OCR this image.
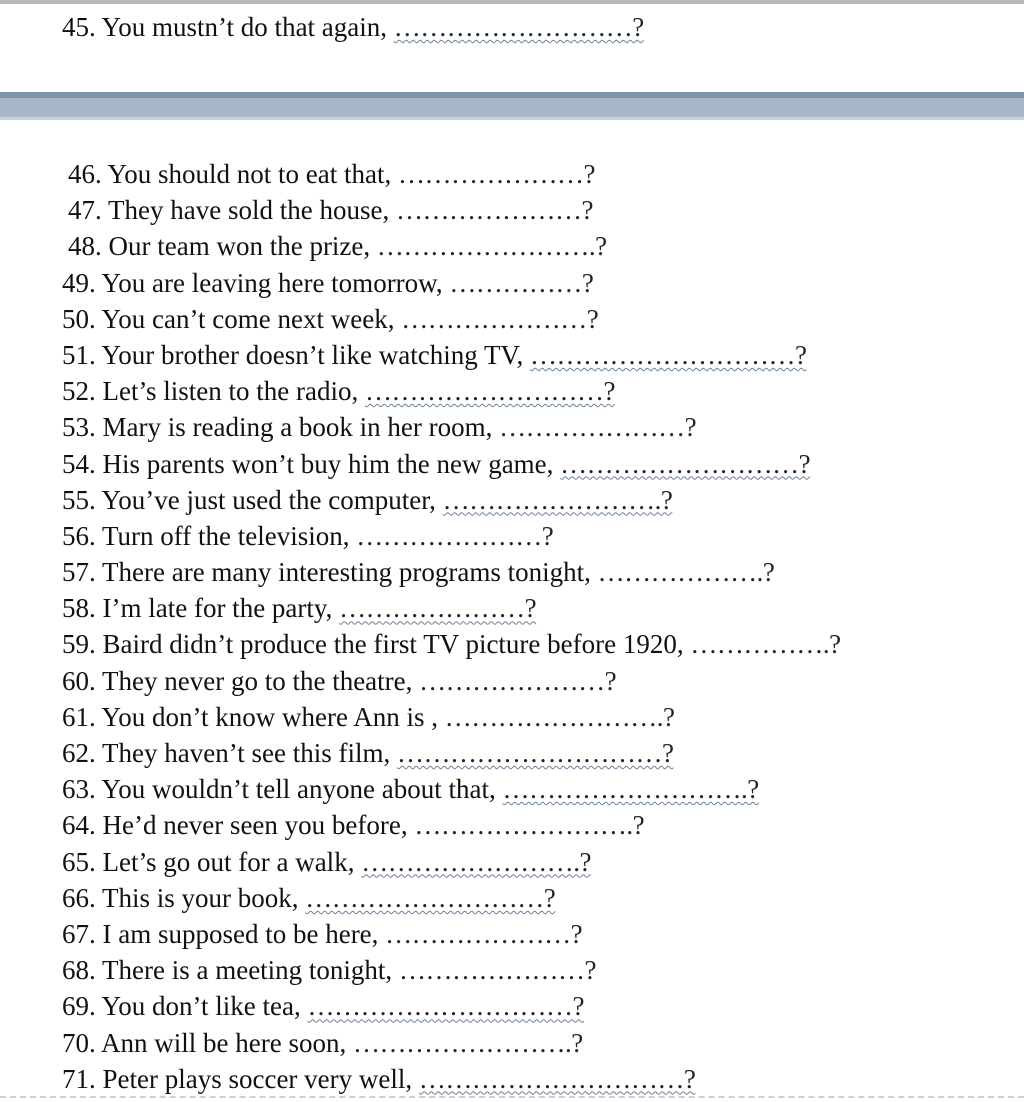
45. You mustn’t do that again, ………………………?
46. You should not to eat that, …………………?
47. They have sold the house, …………………?
48. Our team won the prize, …………………….?
49. You are leaving here tomorrow, ……………?
50. You can’t come next week, …………………?
51. Your brother doesn’t like watching TV, …………………………?
52. Let’s listen to the radio, ………………………?
53. Mary is reading a book in her room, …………………?
54. His parents won’t buy him the new game, ………………………?
55. You’ve just used the computer, …………………….?
56. Turn off the television, …………………?
57. There are many interesting programs tonight, ……………….?
58. I’m late for the party, …………………?
59. Baird didn’t produce the first TV picture before 1920, …………….?
60. They never go to the theatre, …………………?
61. You don’t know where Ann is , …………………….?
62. They haven’t see this film, …………………………?
63. You wouldn’t tell anyone about that, ……………………….?
64. He’d never seen you before, …………………….?
65. Let’s go out for a walk, …………………….?
66. This is your book, ………………………?
67. I am supposed to be here, …………………?
68. There is a meeting tonight, …………………?
69. You don’t like tea, …………………………?
70. Ann will be here soon, …………………….?
71. Peter plays soccer very well, …………………………?
